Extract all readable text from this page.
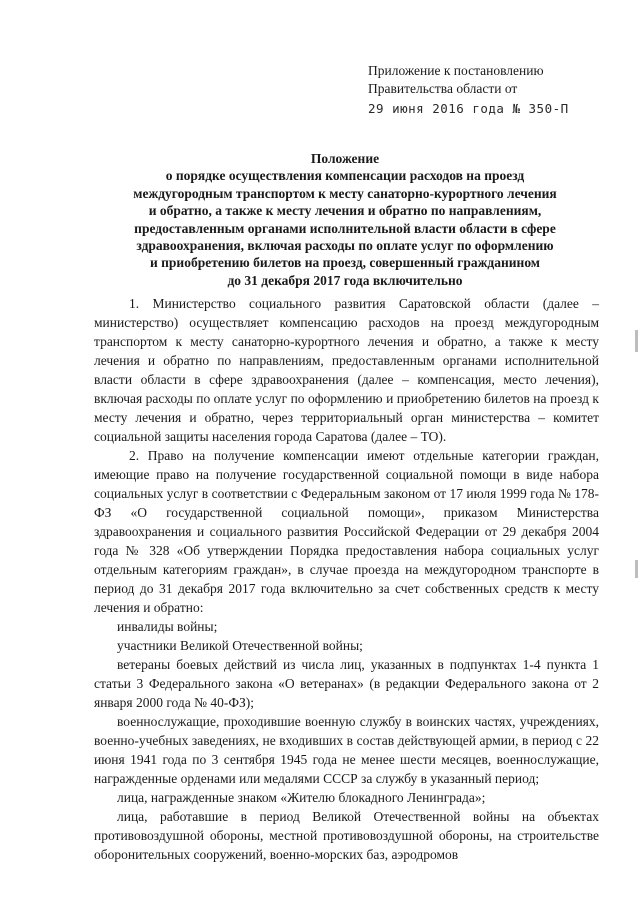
Приложение к постановлению
Правительства области от
29 июня 2016 года № 350-П
Положение
о порядке осуществления компенсации расходов на проезд
междугородным транспортом к месту санаторно-курортного лечения
и обратно, а также к месту лечения и обратно по направлениям,
предоставленным органами исполнительной власти области в сфере
здравоохранения, включая расходы по оплате услуг по оформлению
и приобретению билетов на проезд, совершенный гражданином
до 31 декабря 2017 года включительно

1. Министерство социального развития Саратовской области (далее – министерство) осуществляет компенсацию расходов на проезд междугородным транспортом к месту санаторно-курортного лечения и обратно, а также к месту лечения и обратно по направлениям, предоставленным органами исполнительной власти области в сфере здравоохранения (далее – компенсация, место лечения), включая расходы по оплате услуг по оформлению и приобретению билетов на проезд к месту лечения и обратно, через территориальный орган министерства – комитет социальной защиты населения города Саратова (далее – ТО).

2. Право на получение компенсации имеют отдельные категории граждан, имеющие право на получение государственной социальной помощи в виде набора социальных услуг в соответствии с Федеральным законом от 17 июля 1999 года № 178-ФЗ «О государственной социальной помощи», приказом Министерства здравоохранения и социального развития Российской Федерации от 29 декабря 2004 года № 328 «Об утверждении Порядка предоставления набора социальных услуг отдельным категориям граждан», в случае проезда на междугородном транспорте в период до 31 декабря 2017 года включительно за счет собственных средств к месту лечения и обратно:

инвалиды войны;

участники Великой Отечественной войны;

ветераны боевых действий из числа лиц, указанных в подпунктах 1-4 пункта 1 статьи 3 Федерального закона «О ветеранах» (в редакции Федерального закона от 2 января 2000 года № 40-ФЗ);

военнослужащие, проходившие военную службу в воинских частях, учреждениях, военно-учебных заведениях, не входивших в состав действующей армии, в период с 22 июня 1941 года по 3 сентября 1945 года не менее шести месяцев, военнослужащие, награжденные орденами или медалями СССР за службу в указанный период;

лица, награжденные знаком «Жителю блокадного Ленинграда»;

лица, работавшие в период Великой Отечественной войны на объектах противовоздушной обороны, местной противовоздушной обороны, на строительстве оборонительных сооружений, военно-морских баз, аэродромов
